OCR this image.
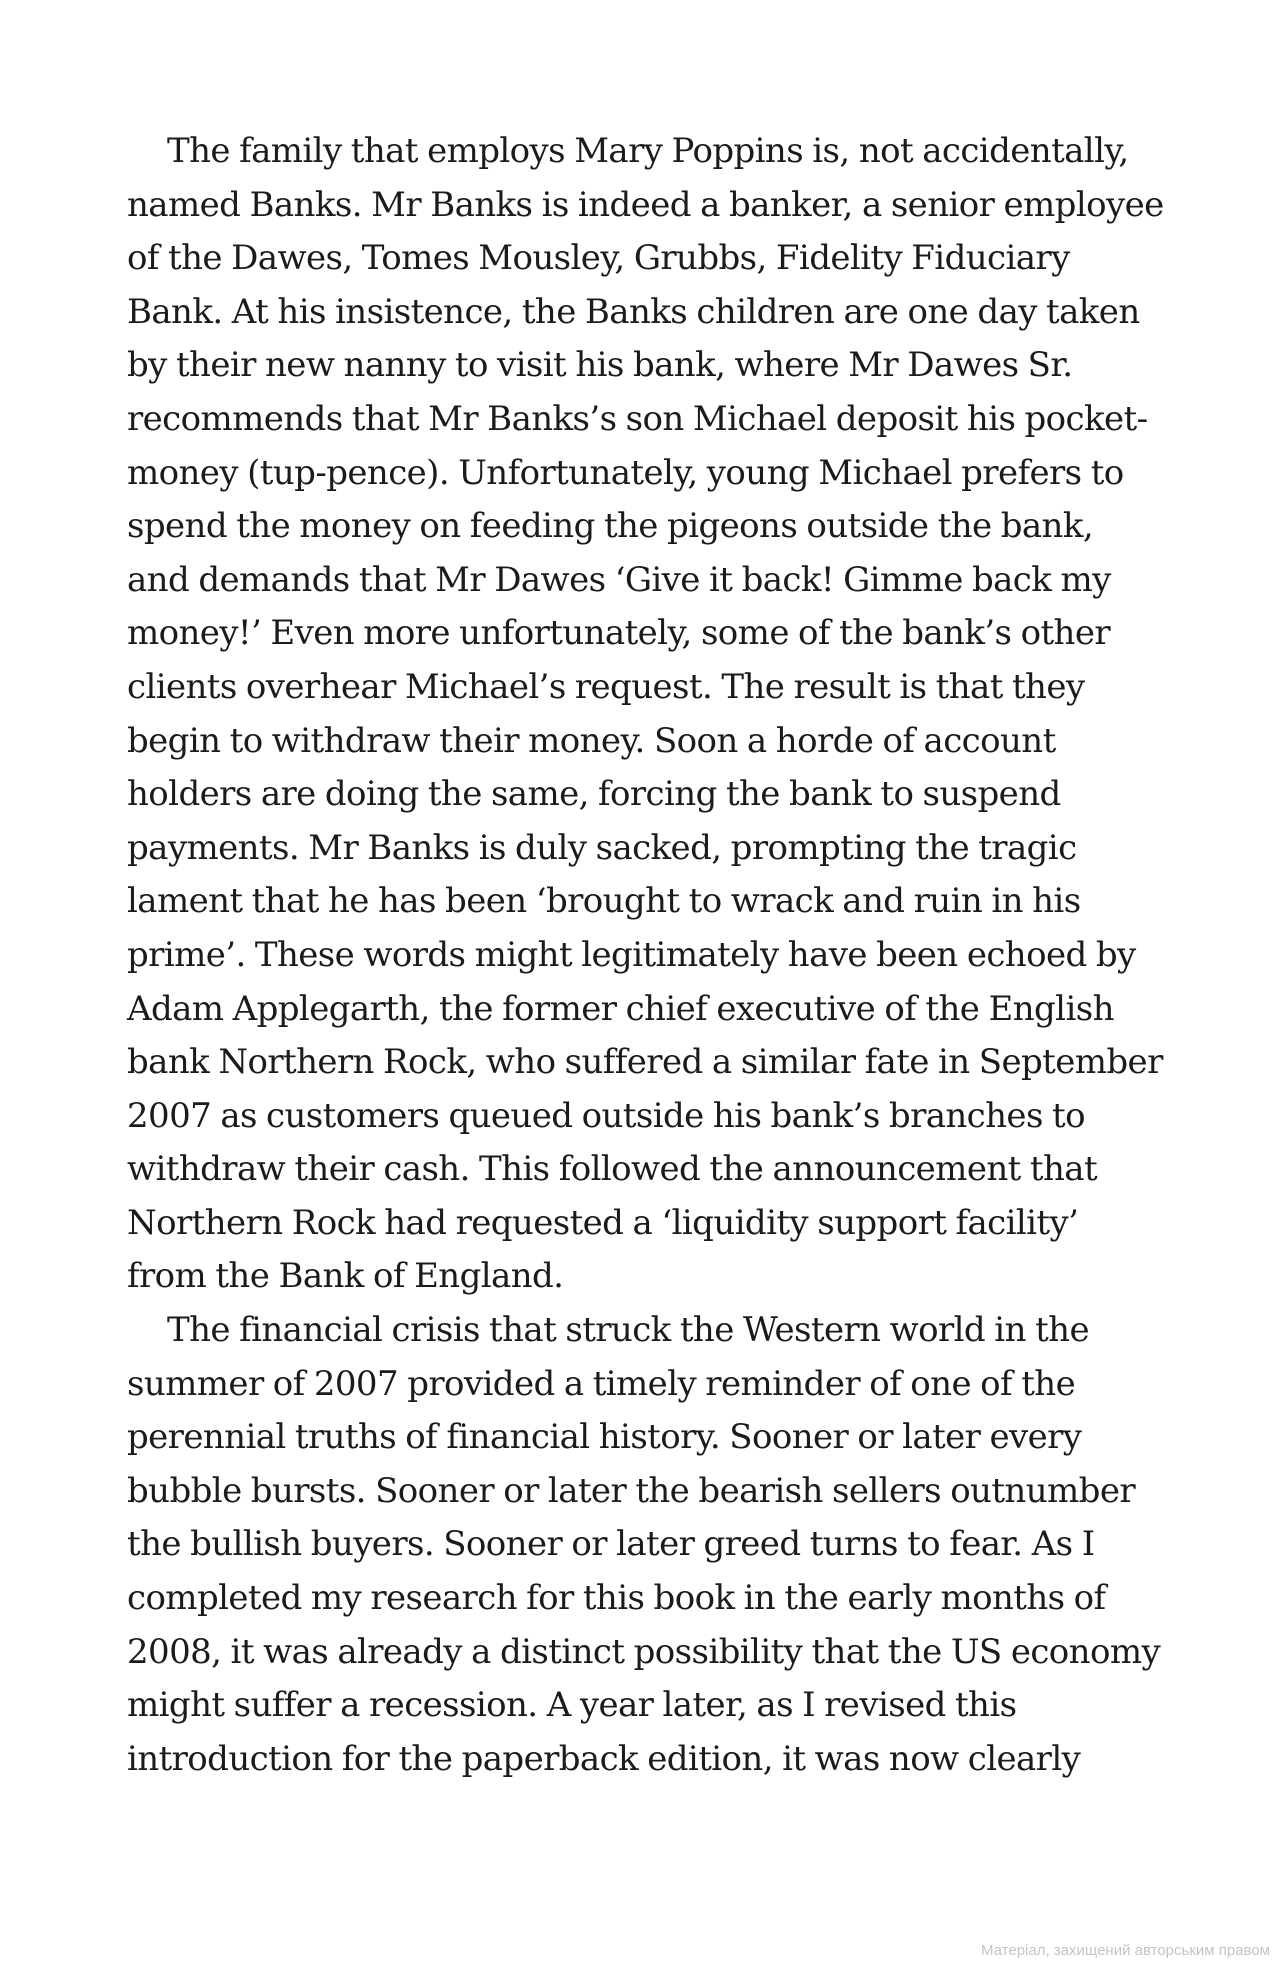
The family that employs Mary Poppins is, not accidentally,
named Banks. Mr Banks is indeed a banker, a senior employee
of the Dawes, Tomes Mousley, Grubbs, Fidelity Fiduciary
Bank. At his insistence, the Banks children are one day taken
by their new nanny to visit his bank, where Mr Dawes Sr.
recommends that Mr Banks’s son Michael deposit his pocket-
money (tup-pence). Unfortunately, young Michael prefers to
spend the money on feeding the pigeons outside the bank,
and demands that Mr Dawes ‘Give it back! Gimme back my
money!’ Even more unfortunately, some of the bank’s other
clients overhear Michael’s request. The result is that they
begin to withdraw their money. Soon a horde of account
holders are doing the same, forcing the bank to suspend
payments. Mr Banks is duly sacked, prompting the tragic
lament that he has been ‘brought to wrack and ruin in his
prime’. These words might legitimately have been echoed by
Adam Applegarth, the former chief executive of the English
bank Northern Rock, who suffered a similar fate in September
2007 as customers queued outside his bank’s branches to
withdraw their cash. This followed the announcement that
Northern Rock had requested a ‘liquidity support facility’
from the Bank of England.
The financial crisis that struck the Western world in the
summer of 2007 provided a timely reminder of one of the
perennial truths of financial history. Sooner or later every
bubble bursts. Sooner or later the bearish sellers outnumber
the bullish buyers. Sooner or later greed turns to fear. As I
completed my research for this book in the early months of
2008, it was already a distinct possibility that the US economy
might suffer a recession. A year later, as I revised this
introduction for the paperback edition, it was now clearly
Матеріал, захищений авторським правом
